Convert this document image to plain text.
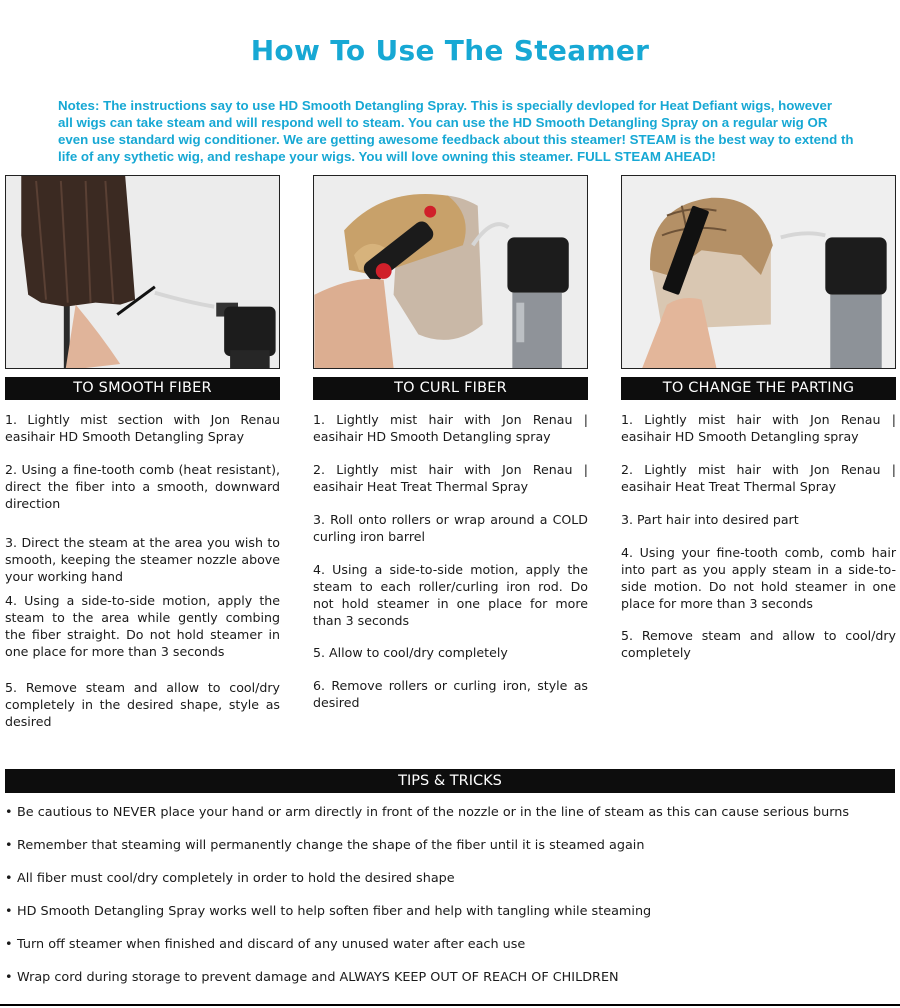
How To Use The Steamer
Notes: The instructions say to use HD Smooth Detangling Spray. This is specially devloped for Heat Defiant wigs, however
all wigs can take steam and will respond well to steam. You can use the HD Smooth Detangling Spray on a regular wig OR
even use standard wig conditioner. We are getting awesome feedback about this steamer! STEAM is the best way to extend th
life of any sythetic wig, and reshape your wigs. You will love owning this steamer. FULL STEAM AHEAD!
TO SMOOTH FIBER
1. Lightly mist section with Jon Renau easihair HD Smooth Detangling Spray
2. Using a fine-tooth comb (heat resistant), direct the fiber into a smooth, downward direction
3. Direct the steam at the area you wish to smooth, keeping the steamer nozzle above your working hand
4. Using a side-to-side motion, apply the steam to the area while gently combing the fiber straight. Do not hold steamer in one place for more than 3 seconds
5. Remove steam and allow to cool/dry completely in the desired shape, style as desired
TO CURL FIBER
1. Lightly mist hair with Jon Renau | easihair HD Smooth Detangling spray
2. Lightly mist hair with Jon Renau | easihair Heat Treat Thermal Spray
3. Roll onto rollers or wrap around a COLD curling iron barrel
4. Using a side-to-side motion, apply the steam to each roller/curling iron rod. Do not hold steamer in one place for more than 3 seconds
5. Allow to cool/dry completely
6. Remove rollers or curling iron, style as desired
TO CHANGE THE PARTING
1. Lightly mist hair with Jon Renau | easihair HD Smooth Detangling spray
2. Lightly mist hair with Jon Renau | easihair Heat Treat Thermal Spray
3. Part hair into desired part
4. Using your fine-tooth comb, comb hair into part as you apply steam in a side-to-side motion. Do not hold steamer in one place for more than 3 seconds
5. Remove steam and allow to cool/dry completely
TIPS & TRICKS
• Be cautious to NEVER place your hand or arm directly in front of the nozzle or in the line of steam as this can cause serious burns
• Remember that steaming will permanently change the shape of the fiber until it is steamed again
• All fiber must cool/dry completely in order to hold the desired shape
• HD Smooth Detangling Spray works well to help soften fiber and help with tangling while steaming
• Turn off steamer when finished and discard of any unused water after each use
• Wrap cord during storage to prevent damage and ALWAYS KEEP OUT OF REACH OF CHILDREN
